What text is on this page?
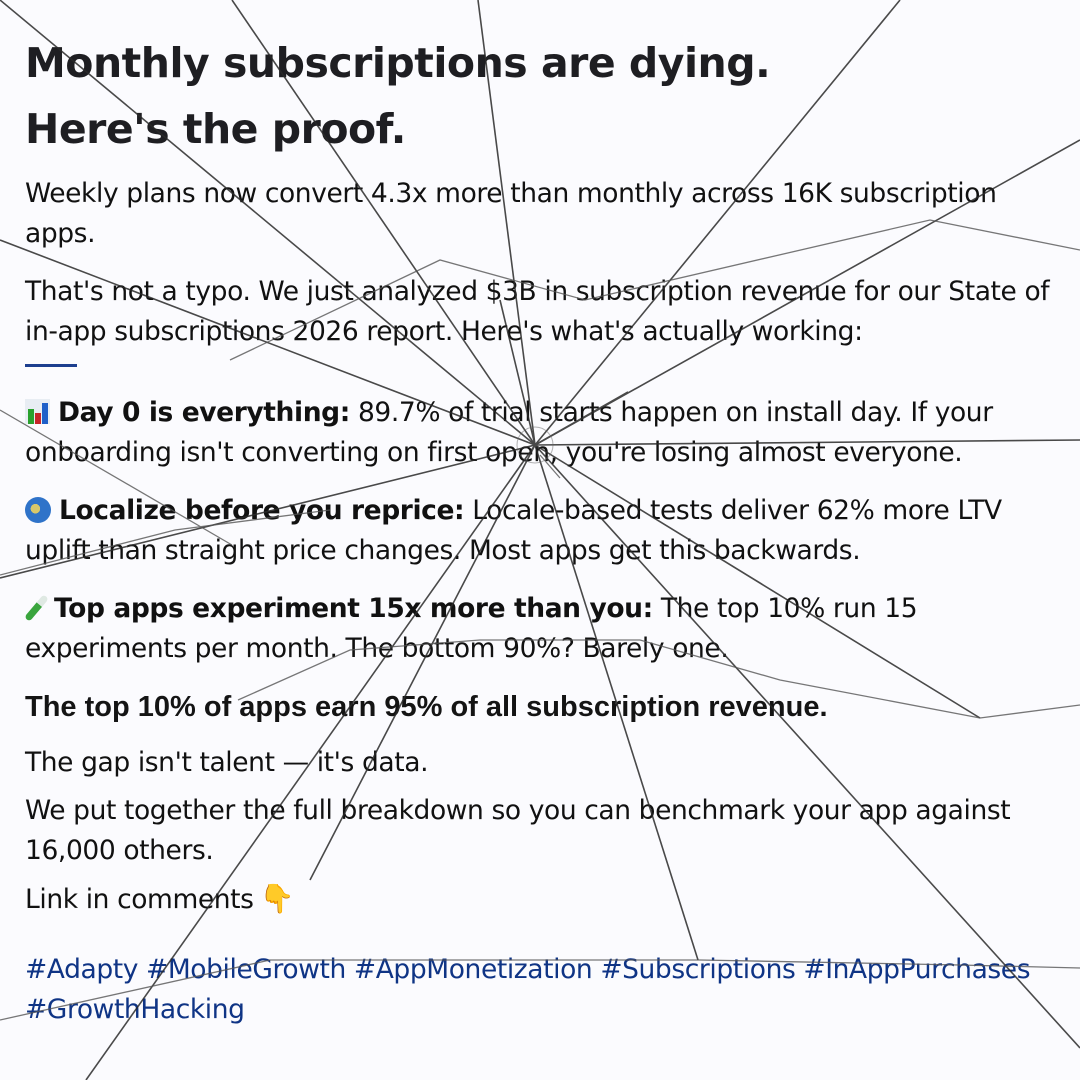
Monthly subscriptions are dying.
Here's the proof.

Weekly plans now convert 4.3x more than monthly across 16K subscription apps.

That's not a typo. We just analyzed $3B in subscription revenue for our State of in-app subscriptions 2026 report. Here's what's actually working:

Day 0 is everything: 89.7% of trial starts happen on install day. If your onboarding isn't converting on first open, you're losing almost everyone.

Localize before you reprice: Locale-based tests deliver 62% more LTV uplift than straight price changes. Most apps get this backwards.

Top apps experiment 15x more than you: The top 10% run 15 experiments per month. The bottom 90%? Barely one.

The top 10% of apps earn 95% of all subscription revenue.

The gap isn't talent — it's data.

We put together the full breakdown so you can benchmark your app against 16,000 others.

Link in comments 👇

#Adapty #MobileGrowth #AppMonetization #Subscriptions #InAppPurchases
#GrowthHacking
